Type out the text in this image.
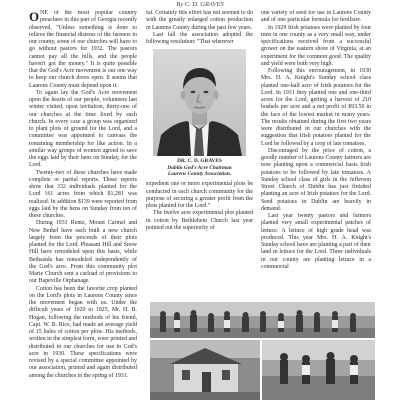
By C. D. GRAVES

ONE of the most popular country preachers in this part of Georgia recently observed, "Unless something is done to relieve the financial distress of the farmers in our county, some of our churches will have to go without pastors for 1932. The pastors cannot pay all the bills, and the people haven't got the money." It is quite possible that the God's Acre movement is our one way to keep our church doors open. It seems that Laurens County must depend upon it.

To again lay the God's Acre movement upon the hearts of our people, volunteers last winter visited, upon invitation, thirty-one of our churches at the time fixed by each church. In every case a group was organized to plant plots of ground for the Lord, and a committee was appointed to canvass the remaining membership for like action. In a similar way groups of women agreed to save the eggs laid by their hens on Sunday, for the Lord.

Twenty-two of these churches have made complete or partial reports. These reports show that 332 individuals planted for the Lord 161 acres from which $1,281 was realized. In addition $139 were reported from eggs laid by the hens on Sunday from ten of these churches.

During 1931 Rentz, Mount Carmel and New Bethel have each built a new church largely from the proceeds of their plots planted for the Lord. Pleasant Hill and Snow Hill have remodeled upon this basis, while Bethsaida has remodeled independently of the God's acre. From this community plot Marie Church sent a carload of provisions to our Hapeville Orphanage.

Cotton has been the favorite crop planted on the Lord's plots in Laurens County since the movement began with us. Under the difficult years of 1920 to 1925, Mr. H. B. Hogan, following the methods of his friend, Capt. W. B. Rice, had made an average yield of 15 bales of cotton per plow. His methods, written in the simplest form, were printed and distributed in our churches for use in God's acre in 1930. These specifications were revised by a special committee appointed by our association, printed and again distributed among the churches in the spring of 1931.

fal. Certainly this effort has not seemed to do with the greatly enlarged cotton production in Laurens County during the past few years.

Last fall the association adopted the following resolution: "That wherever

DR. C. D. GRAVES
Dublin God's Acre Chairman
Laurens County Association.

expedient one or more experimental plots be conducted in each church community for the purpose of securing a greater profit from the plots planted for the Lord."

The twelve acre experimental plot planted in cotton by Bethlehem Church last year pointed out the superiority of

one variety of seed for use in Laurens County and of one particular formula for fertilizer.

In 1929 Irish potatoes were planted by four men in one county as a very small way, under specifications received from a successful grower on the eastern shore of Virginia, at an experiment for the common good. The quality and yield were both very high.

Following this encouragement, in 1930 Mrs. H. A. Knight's Sunday school class planted one-half acre of Irish potatoes for the Lord. In 1931 they planted one and one-third acres for the Lord, getting a harvest of 210 bushels per acre and a net profit of $93.50 in the face of the lowest market in many years. The results obtained during the first two years were distributed in our churches with the suggestion that Irish potatoes planted for the Lord be followed by a crop of late tomatoes.

Discouraged by the price of cotton, a goodly number of Laurens County farmers are now planting upon a commercial basis Irish potatoes to be followed by late tomatoes. A Sunday school class of girls in the Jefferson Street Church of Dublin has just finished planting an acre of Irish potatoes for the Lord. Seed potatoes in Dublin are heavily in demand.

Last year twenty pastors and farmers planted very small experimental patches of lettuce. A lettuce of high grade head was produced. This year Mrs. H. A. Knight's Sunday school have are planting a part of their land in lettuce for the Lord. Three individuals in our county are planting lettuce in a commercial
